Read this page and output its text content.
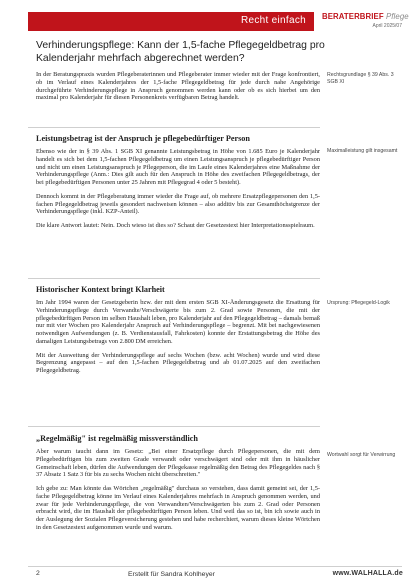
Recht einfach BERATERBRIEF Pflege
April 2025/07
Verhinderungspflege: Kann der 1,5-fache Pflegegeldbetrag pro Kalenderjahr mehrfach abgerechnet werden?

In der Beratungspraxis wurden Pflegeberaterinnen und Pflegeberater immer wieder mit der Frage konfrontiert, ob im Verlauf eines Kalenderjahres der 1,5-fache Pflegegeldbetrag für jede durch nahe Angehörige durchgeführte Verhinderungspflege in Anspruch genommen werden kann oder ob es sich hierbei um den maximal pro Kalenderjahr für diesen Personenkreis verfügbaren Betrag handelt.

Rechtsgrundlage § 39 Abs. 3 SGB XI

Leistungsbetrag ist der Anspruch je pflegebedürftiger Person

Ebenso wie der in § 39 Abs. 1 SGB XI genannte Leistungsbetrag in Höhe von 1.685 Euro je Kalenderjahr handelt es sich bei dem 1,5-fachen Pflegegeldbetrag um einen Leistungsanspruch je pflegebedürftiger Person und nicht um einen Leistungsanspruch je Pflegeperson, die im Laufe eines Kalenderjahres eine Maßnahme der Verhinderungspflege (Anm.: Dies gilt auch für den Anspruch in Höhe des zweifachen Pflegegeldbetrags, der bei pflegebedürftigen Personen unter 25 Jahren mit Pflegegrad 4 oder 5 besteht).

Dennoch kommt in der Pflegeberatung immer wieder die Frage auf, ob mehrere Ersatzpflegepersonen den 1,5-fachen Pflegegeldbetrag jeweils gesondert nachweisen können – also additiv bis zur Gesamthöchstgrenze der Verhinderungspflege (inkl. KZP-Anteil).

Die klare Antwort lautet: Nein. Doch wieso ist dies so? Schaut der Gesetzestext hier Interpretationsspielraum.

Maximalleistung gilt insgesamt

Historischer Kontext bringt Klarheit

Im Jahr 1994 waren der Gesetzgeberin bzw. der mit dem ersten SGB XI-Änderungsgesetz die Ersattung für Verhinderungspflege durch Verwandte/Verschwägerte bis zum 2. Grad sowie Personen, die mit der pflegebedürftigen Person im selben Haushalt leben, pro Kalenderjahr auf den Pflegegeldbetrag – damals bemaß nur mit vier Wochen pro Kalenderjahr Anspruch auf Verhinderungspflege – begrenzt. Mit bei nachgewiesenen notwendigen Aufwendungen (z. B. Verdienstausfall, Fahrkosten) konnte der Erstattungsbetrag die Höhe des damaligen Leistungsbetrags von 2.800 DM erreichen.

Mit der Ausweitung der Verhinderungspflege auf sechs Wochen (bzw. acht Wochen) wurde und wird diese Begrenzung angepasst – auf den 1,5-fachen Pflegegeldbetrag und ab 01.07.2025 auf den zweifachen Pflegegeldbetrag.

Ursprung: Pflegegeld-Logik

„Regelmäßig" ist regelmäßig missverständlich

Aber warum taucht dann im Gesetz: „Bei einer Ersatzpflege durch Pflegepersonen, die mit dem Pflegebedürftigen bis zum zweiten Grade verwandt oder verschwägert sind oder mit ihm in häuslicher Gemeinschaft leben, dürfen die Aufwendungen der Pflegekasse regelmäßig den Betrag des Pflegegeldes nach § 37 Absatz 1 Satz 3 für bis zu sechs Wochen nicht überschreiten."

Ich gebe zu: Man könnte das Wörtchen „regelmäßig" durchaus so verstehen, dass damit gemeint sei, der 1,5-fache Pflegegeldbetrag könne im Verlauf eines Kalenderjahres mehrfach in Anspruch genommen werden, und zwar für jede Verhinderungspflege, die von Verwandten/Verschwägerten bis zum 2. Grad oder Personen erbracht wird, die im Haushalt der pflegebedürftigen Person leben. Und weil das so ist, bin ich sowie auch in der Auslegung der Sozialen Pflegeversicherung gestehen und habe recherchiert, warum dieses kleine Wörtchen in den Gesetzestext aufgenommen wurde und warum.

Wortwahl sorgt für Verwirrung
2	Erstellt für Sandra Kohlheyer	www.WALHALLA.de
